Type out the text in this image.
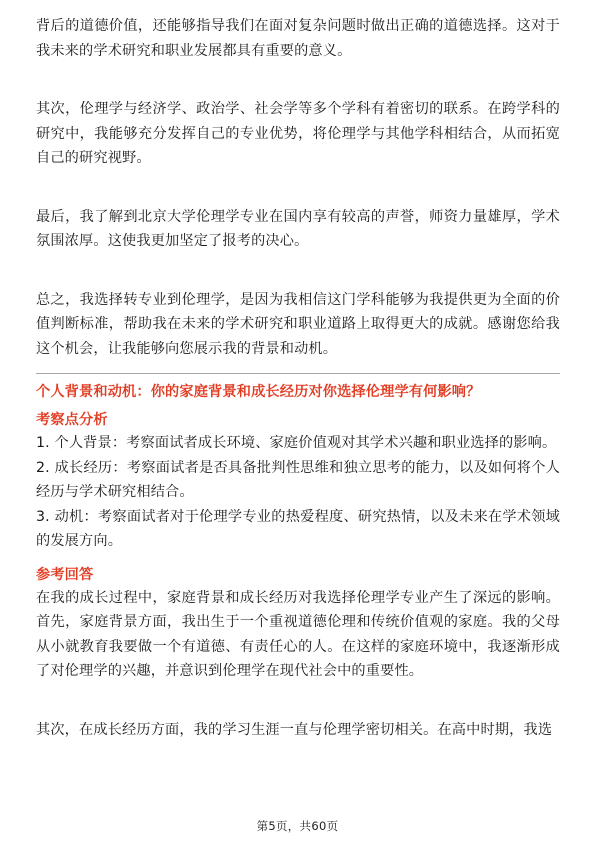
背后的道德价值，还能够指导我们在面对复杂问题时做出正确的道德选择。这对于我未来的学术研究和职业发展都具有重要的意义。

其次，伦理学与经济学、政治学、社会学等多个学科有着密切的联系。在跨学科的研究中，我能够充分发挥自己的专业优势，将伦理学与其他学科相结合，从而拓宽自己的研究视野。

最后，我了解到北京大学伦理学专业在国内享有较高的声誉，师资力量雄厚，学术氛围浓厚。这使我更加坚定了报考的决心。

总之，我选择转专业到伦理学，是因为我相信这门学科能够为我提供更为全面的价值判断标准，帮助我在未来的学术研究和职业道路上取得更大的成就。感谢您给我这个机会，让我能够向您展示我的背景和动机。

个人背景和动机：你的家庭背景和成长经历对你选择伦理学有何影响？

考察点分析

1. 个人背景：考察面试者成长环境、家庭价值观对其学术兴趣和职业选择的影响。

2. 成长经历：考察面试者是否具备批判性思维和独立思考的能力，以及如何将个人经历与学术研究相结合。

3. 动机：考察面试者对于伦理学专业的热爱程度、研究热情，以及未来在学术领域的发展方向。

参考回答

在我的成长过程中，家庭背景和成长经历对我选择伦理学专业产生了深远的影响。首先，家庭背景方面，我出生于一个重视道德伦理和传统价值观的家庭。我的父母从小就教育我要做一个有道德、有责任心的人。在这样的家庭环境中，我逐渐形成了对伦理学的兴趣，并意识到伦理学在现代社会中的重要性。

其次，在成长经历方面，我的学习生涯一直与伦理学密切相关。在高中时期，我选

第5页，共60页
